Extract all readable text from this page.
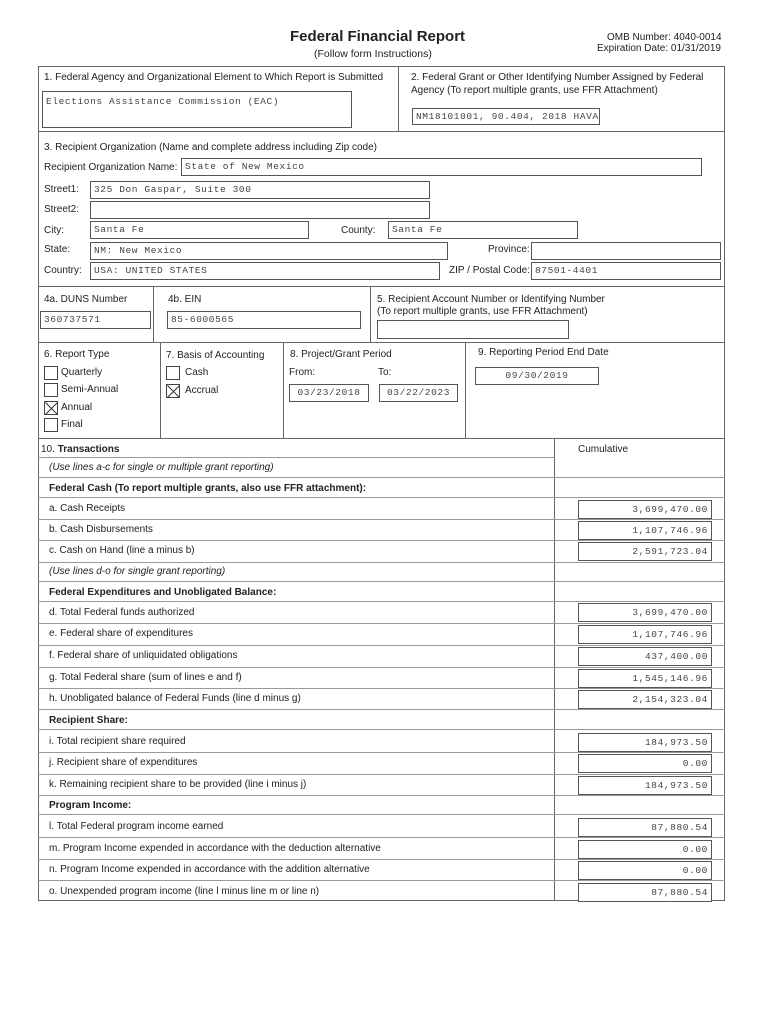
Federal Financial Report
(Follow form Instructions)
OMB Number: 4040-0014
Expiration Date: 01/31/2019
1. Federal Agency and Organizational Element to Which Report is Submitted
Elections Assistance Commission (EAC)
2. Federal Grant or Other Identifying Number Assigned by Federal
Agency (To report multiple grants, use FFR Attachment)
NM18101001, 90.404, 2018 HAVA
3. Recipient Organization (Name and complete address including Zip code)
Recipient Organization Name: State of New Mexico
Street1:	325 Don Gaspar, Suite 300
Street2:
City:	Santa Fe	County:	Santa Fe
State:	NM: New Mexico	Province:
Country:	USA: UNITED STATES	ZIP / Postal Code: 87501-4401
4a. DUNS Number
360737571
4b. EIN
85-6000565
5. Recipient Account Number or Identifying Number
(To report multiple grants, use FFR Attachment)
6. Report Type
Quarterly
Semi-Annual
Annual
Final
7. Basis of Accounting
Cash
Accrual
8. Project/Grant Period
From:	To:
03/23/2018	03/22/2023
9. Reporting Period End Date
09/30/2019
10. Transactions	Cumulative
(Use lines a-c for single or multiple grant reporting)
Federal Cash (To report multiple grants, also use FFR attachment):
a. Cash Receipts	3,699,470.00
b. Cash Disbursements	1,107,746.96
c. Cash on Hand (line a minus b)	2,591,723.04
(Use lines d-o for single grant reporting)
Federal Expenditures and Unobligated Balance:
d. Total Federal funds authorized	3,699,470.00
e. Federal share of expenditures	1,107,746.96
f. Federal share of unliquidated obligations	437,400.00
g. Total Federal share (sum of lines e and f)	1,545,146.96
h. Unobligated balance of Federal Funds (line d minus g)	2,154,323.04
Recipient Share:
i. Total recipient share required	184,973.50
j. Recipient share of expenditures	0.00
k. Remaining recipient share to be provided (line i minus j)	184,973.50
Program Income:
l. Total Federal program income earned	87,880.54
m. Program Income expended in accordance with the deduction alternative	0.00
n. Program Income expended in accordance with the addition alternative	0.00
o. Unexpended program income (line l minus line m or line n)	87,880.54
